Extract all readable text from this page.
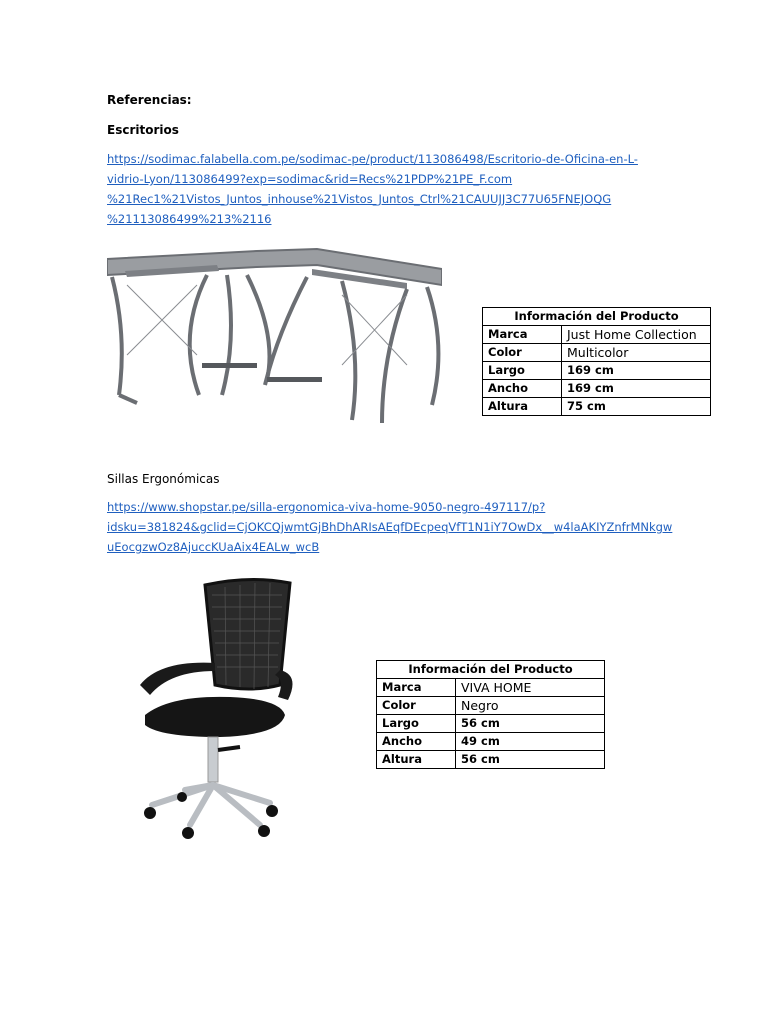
Referencias:
Escritorios
https://sodimac.falabella.com.pe/sodimac-pe/product/113086498/Escritorio-de-Oficina-en-L-
vidrio-Lyon/113086499?exp=sodimac&rid=Recs%21PDP%21PE_F.com
%21Rec1%21Vistos_Juntos_inhouse%21Vistos_Juntos_Ctrl%21CAUUJJ3C77U65FNEJOQG
%21113086499%213%2116
Información del Producto	
Marca	Just Home Collection
Color	Multicolor
Largo	169 cm
Ancho	169 cm
Altura	75 cm
Sillas Ergonómicas
https://www.shopstar.pe/silla-ergonomica-viva-home-9050-negro-497117/p?
idsku=381824&gclid=CjOKCQjwmtGjBhDhARIsAEqfDEcpeqVfT1N1iY7OwDx__w4laAKIYZnfrMNkgw
uEocgzwOz8AjuccKUaAix4EALw_wcB
Información del Producto	
Marca	VIVA HOME
Color	Negro
Largo	56 cm
Ancho	49 cm
Altura	56 cm
